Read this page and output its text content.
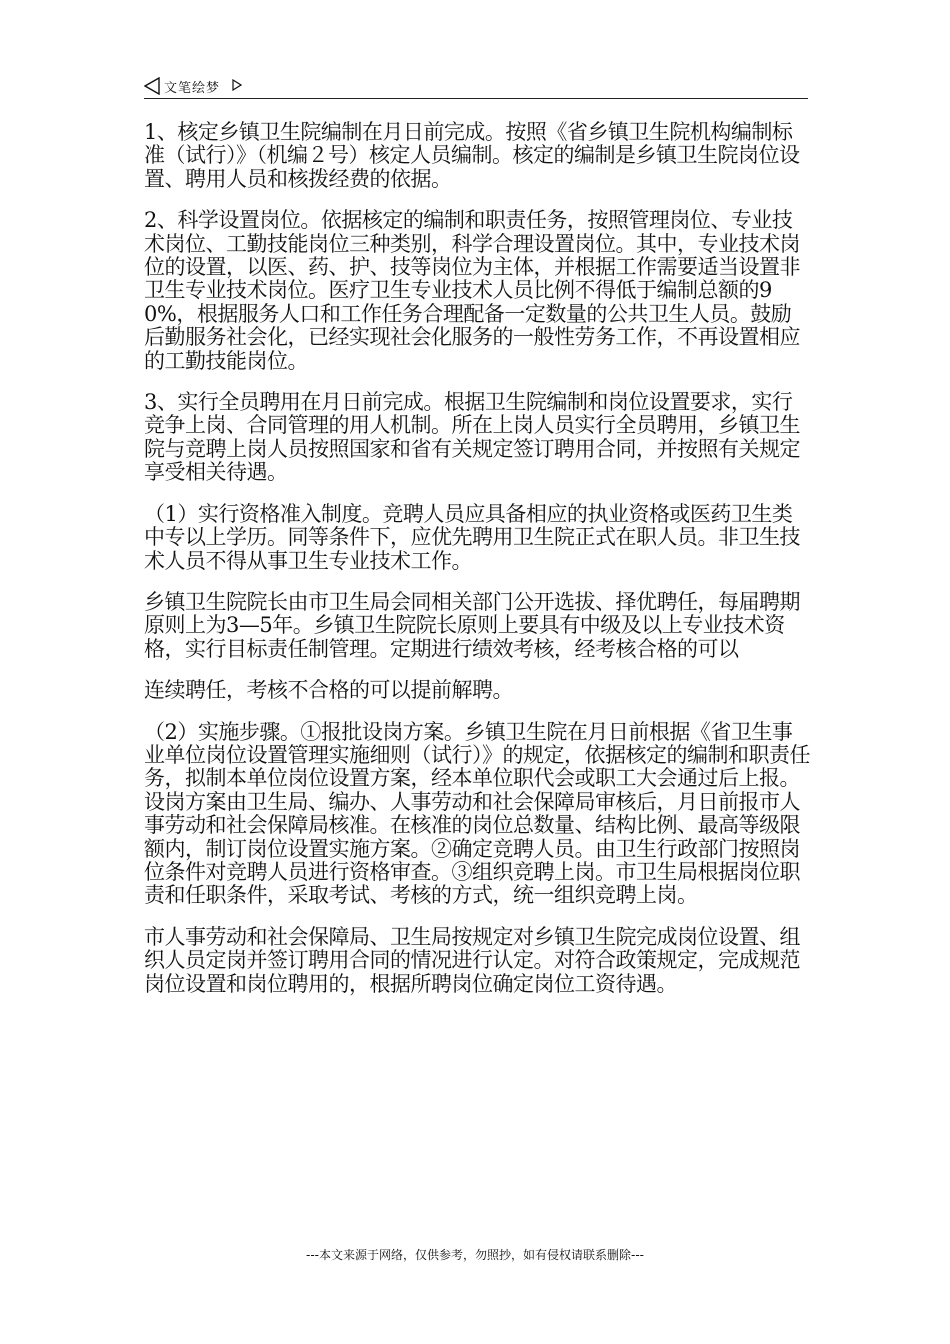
文笔绘梦

1、核定乡镇卫生院编制在月日前完成。按照《省乡镇卫生院机构编制标准（试行）》（机编２号）核定人员编制。核定的编制是乡镇卫生院岗位设置、聘用人员和核拨经费的依据。

2、科学设置岗位。依据核定的编制和职责任务，按照管理岗位、专业技术岗位、工勤技能岗位三种类别，科学合理设置岗位。其中，专业技术岗位的设置，以医、药、护、技等岗位为主体，并根据工作需要适当设置非卫生专业技术岗位。医疗卫生专业技术人员比例不得低于编制总额的90%，根据服务人口和工作任务合理配备一定数量的公共卫生人员。鼓励后勤服务社会化，已经实现社会化服务的一般性劳务工作，不再设置相应的工勤技能岗位。

3、实行全员聘用在月日前完成。根据卫生院编制和岗位设置要求，实行竞争上岗、合同管理的用人机制。所在上岗人员实行全员聘用，乡镇卫生院与竞聘上岗人员按照国家和省有关规定签订聘用合同，并按照有关规定享受相关待遇。

（1）实行资格准入制度。竞聘人员应具备相应的执业资格或医药卫生类中专以上学历。同等条件下，应优先聘用卫生院正式在职人员。非卫生技术人员不得从事卫生专业技术工作。

乡镇卫生院院长由市卫生局会同相关部门公开选拔、择优聘任，每届聘期原则上为3—5年。乡镇卫生院院长原则上要具有中级及以上专业技术资格，实行目标责任制管理。定期进行绩效考核，经考核合格的可以

连续聘任，考核不合格的可以提前解聘。

（2）实施步骤。①报批设岗方案。乡镇卫生院在月日前根据《省卫生事业单位岗位设置管理实施细则（试行）》的规定，依据核定的编制和职责任务，拟制本单位岗位设置方案，经本单位职代会或职工大会通过后上报。设岗方案由卫生局、编办、人事劳动和社会保障局审核后，月日前报市人事劳动和社会保障局核准。在核准的岗位总数量、结构比例、最高等级限额内，制订岗位设置实施方案。②确定竞聘人员。由卫生行政部门按照岗位条件对竞聘人员进行资格审查。③组织竞聘上岗。市卫生局根据岗位职责和任职条件，采取考试、考核的方式，统一组织竞聘上岗。

市人事劳动和社会保障局、卫生局按规定对乡镇卫生院完成岗位设置、组织人员定岗并签订聘用合同的情况进行认定。对符合政策规定，完成规范岗位设置和岗位聘用的，根据所聘岗位确定岗位工资待遇。

---本文来源于网络，仅供参考，勿照抄，如有侵权请联系删除---
